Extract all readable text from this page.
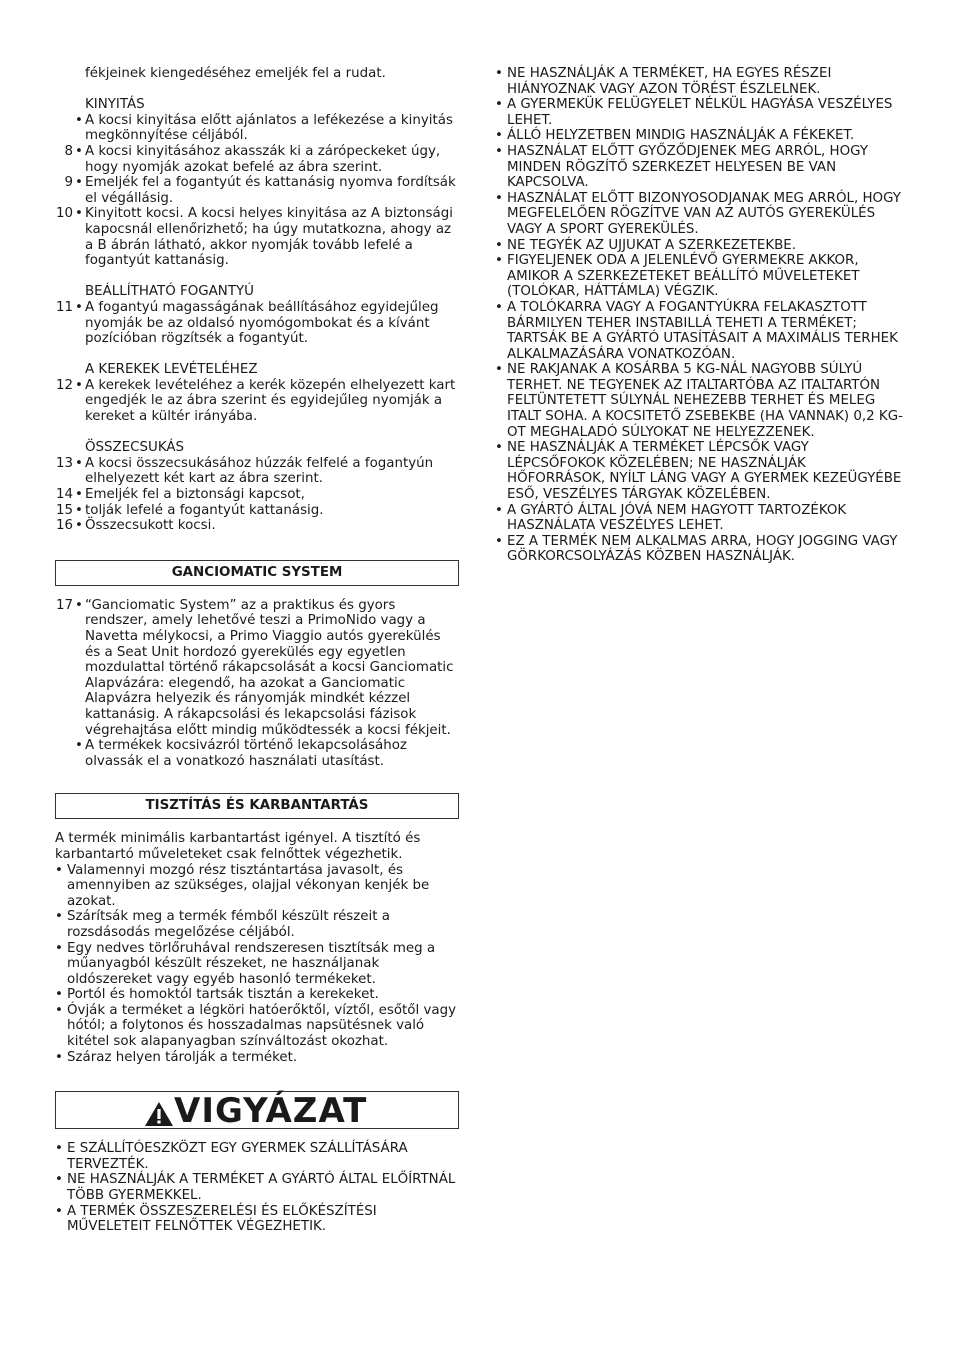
fékjeinek kiengedéséhez emeljék fel a rudat.

KINYITÁS

• A kocsi kinyitása előtt ajánlatos a lefékezése a kinyitás megkönnyítése céljából.
8 • A kocsi kinyitásához akasszák ki a zárópeckeket úgy, hogy nyomják azokat befelé az ábra szerint.
9 • Emeljék fel a fogantyút és kattanásig nyomva fordítsák el végállásig.
10 • Kinyitott kocsi. A kocsi helyes kinyitása az A biztonsági kapocsnál ellenőrizhető; ha úgy mutatkozna, ahogy az a B ábrán látható, akkor nyomják tovább lefelé a fogantyút kattanásig.

BEÁLLÍTHATÓ FOGANTYÚ

11 • A fogantyú magasságának beállításához egyidejűleg nyomják be az oldalsó nyomógombokat és a kívánt pozícióban rögzítsék a fogantyút.

A KEREKEK LEVÉTELÉHEZ

12 • A kerekek levételéhez a kerék közepén elhelyezett kart engedjék le az ábra szerint és egyidejűleg nyomják a kereket a kültér irányába.

ÖSSZECSUKÁS

13 • A kocsi összecsukásához húzzák felfelé a fogantyún elhelyezett két kart az ábra szerint.
14 • Emeljék fel a biztonsági kapcsot,
15 • tolják lefelé a fogantyút kattanásig.
16 • Összecsukott kocsi.
GANCIOMATIC SYSTEM
17 • “Ganciomatic System” az a praktikus és gyors rendszer, amely lehetővé teszi a PrimoNido vagy a Navetta mélykocsi, a Primo Viaggio autós gyerekülés és a Seat Unit hordozó gyerekülés egy egyetlen mozdulattal történő rákapcsolását a kocsi Ganciomatic Alapvázára: elegendő, ha azokat a Ganciomatic Alapvázra helyezik és rányomják mindkét kézzel kattanásig. A rákapcsolási és lekapcsolási fázisok végrehajtása előtt mindig működtessék a kocsi fékjeit.
• A termékek kocsivázról történő lekapcsolásához olvassák el a vonatkozó használati utasítást.
TISZTÍTÁS ÉS KARBANTARTÁS

A termék minimális karbantartást igényel. A tisztító és karbantartó műveleteket csak felnőttek végezhetik.

• Valamennyi mozgó rész tisztántartása javasolt, és amennyiben az szükséges, olajjal vékonyan kenjék be azokat.
• Szárítsák meg a termék fémből készült részeit a rozsdásodás megelőzése céljából.
• Egy nedves törlőruhával rendszeresen tisztítsák meg a műanyagból készült részeket, ne használjanak oldószereket vagy egyéb hasonló termékeket.
• Portól és homoktól tartsák tisztán a kerekeket.
• Óvják a terméket a légköri hatóerőktől, víztől, esőtől vagy hótól; a folytonos és hosszadalmas napsütésnek való kitétel sok alapanyagban színváltozást okozhat.
• Száraz helyen tárolják a terméket.
VIGYÁZAT
• E SZÁLLÍTÓESZKÖZT EGY GYERMEK SZÁLLÍTÁSÁRA TERVEZTÉK.
• NE HASZNÁLJÁK A TERMÉKET A GYÁRTÓ ÁLTAL ELŐÍRTNÁL TÖBB GYERMEKKEL.
• A TERMÉK ÖSSZESZERELÉSI ÉS ELŐKÉSZÍTÉSI MŰVELETEIT FELNŐTTEK VÉGEZHETIK.
• NE HASZNÁLJÁK A TERMÉKET, HA EGYES RÉSZEI HIÁNYOZNAK VAGY AZON TÖRÉST ÉSZLELNEK.
• A GYERMEKÜK FELÜGYELET NÉLKÜL HAGYÁSA VESZÉLYES LEHET.
• ÁLLÓ HELYZETBEN MINDIG HASZNÁLJÁK A FÉKEKET.
• HASZNÁLAT ELŐTT GYŐZŐDJENEK MEG ARRÓL, HOGY MINDEN RÖGZÍTŐ SZERKEZET HELYESEN BE VAN KAPCSOLVA.
• HASZNÁLAT ELŐTT BIZONYOSODJANAK MEG ARRÓL, HOGY MEGFELELŐEN RÖGZÍTVE VAN AZ AUTÓS GYEREKÜLÉS VAGY A SPORT GYEREKÜLÉS.
• NE TEGYÉK AZ UJJUKAT A SZERKEZETEKBE.
• FIGYELJENEK ODA A JELENLÉVŐ GYERMEKRE AKKOR, AMIKOR A SZERKEZETEKET BEÁLLÍTÓ MŰVELETEKET (TOLÓKAR, HÁTTÁMLA) VÉGZIK.
• A TOLÓKARRA VAGY A FOGANTYÚKRA FELAKASZTOTT BÁRMILYEN TEHER INSTABILLÁ TEHETI A TERMÉKET; TARTSÁK BE A GYÁRTÓ UTASÍTÁSAIT A MAXIMÁLIS TERHEK ALKALMAZÁSÁRA VONATKOZÓAN.
• NE RAKJANAK A KOSÁRBA 5 KG-NÁL NAGYOBB SÚLYÚ TERHET. NE TEGYENEK AZ ITALTARTÓBA AZ ITALTARTÓN FELTÜNTETETT SÚLYNÁL NEHEZEBB TERHET ÉS MELEG ITALT SOHA. A KOCSITETŐ ZSEBEKBE (HA VANNAK) 0,2 KG-OT MEGHALADÓ SÚLYOKAT NE HELYEZZENEK.
• NE HASZNÁLJÁK A TERMÉKET LÉPCSŐK VAGY LÉPCSŐFOKOK KÖZELÉBEN; NE HASZNÁLJÁK HŐFORRÁSOK, NYÍLT LÁNG VAGY A GYERMEK KEZEÜGYÉBE ESŐ, VESZÉLYES TÁRGYAK KÖZELÉBEN.
• A GYÁRTÓ ÁLTAL JÓVÁ NEM HAGYOTT TARTOZÉKOK HASZNÁLATA VESZÉLYES LEHET.
• EZ A TERMÉK NEM ALKALMAS ARRA, HOGY JOGGING VAGY GÖRKORCSOLYÁZÁS KÖZBEN HASZNÁLJÁK.
